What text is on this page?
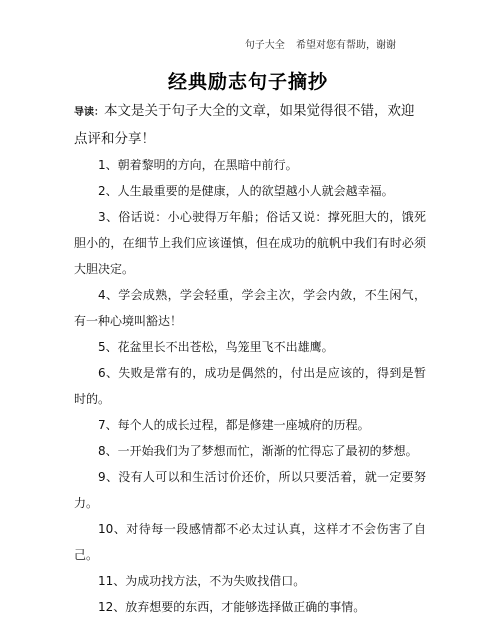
句子大全 希望对您有帮助，谢谢
经典励志句子摘抄

导读：本文是关于句子大全的文章，如果觉得很不错，欢迎点评和分享！

1、朝着黎明的方向，在黑暗中前行。

2、人生最重要的是健康，人的欲望越小人就会越幸福。

3、俗话说：小心驶得万年船；俗话又说：撑死胆大的，饿死胆小的，在细节上我们应该谨慎，但在成功的航帆中我们有时必须大胆决定。

4、学会成熟，学会轻重，学会主次，学会内敛，不生闲气，有一种心境叫豁达！

5、花盆里长不出苍松，鸟笼里飞不出雄鹰。

6、失败是常有的，成功是偶然的，付出是应该的，得到是暂时的。

7、每个人的成长过程，都是修建一座城府的历程。

8、一开始我们为了梦想而忙，渐渐的忙得忘了最初的梦想。

9、没有人可以和生活讨价还价，所以只要活着，就一定要努力。

10、对待每一段感情都不必太过认真，这样才不会伤害了自己。

11、为成功找方法，不为失败找借口。

12、放弃想要的东西，才能够选择做正确的事情。
